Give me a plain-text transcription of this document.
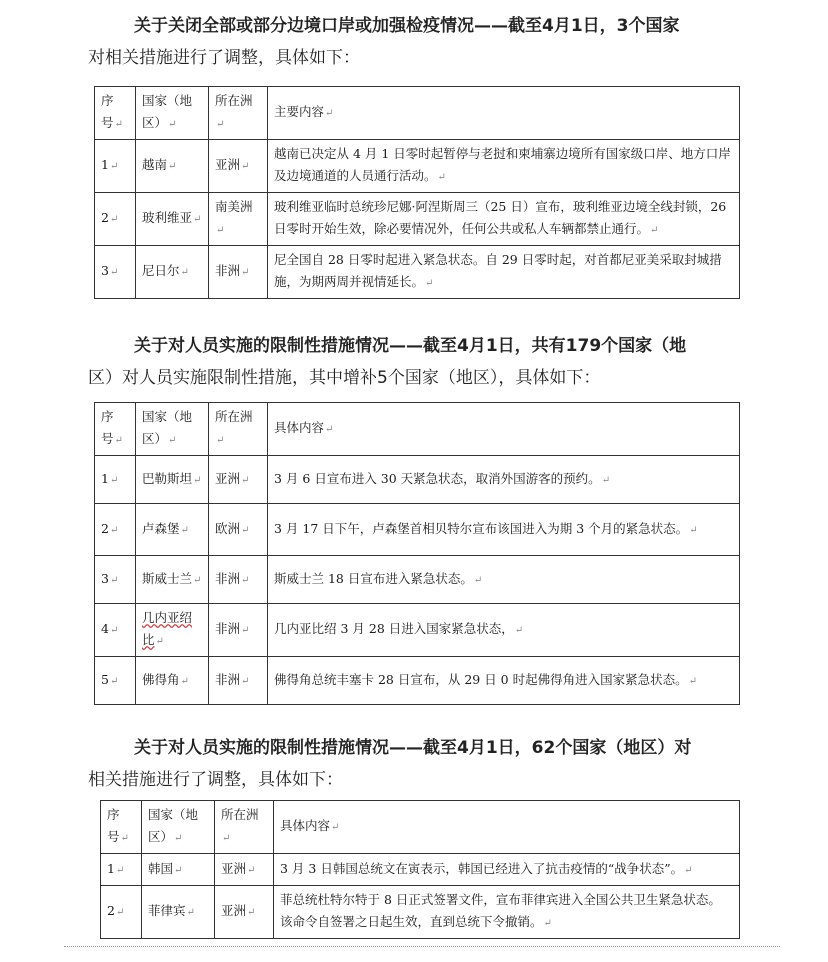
关于关闭全部或部分边境口岸或加强检疫情况——截至4月1日，3个国家
对相关措施进行了调整，具体如下：
序
号↵	国家（地
区）↵	所在洲↵	主要内容↵
1↵	越南↵	亚洲↵	越南已决定从 4 月 1 日零时起暂停与老挝和柬埔寨边境所有国家级口岸、地方口岸及边境通道的人员通行活动。↵
2↵	玻利维亚↵	南美洲↵	玻利维亚临时总统珍尼娜·阿涅斯周三（25 日）宣布，玻利维亚边境全线封锁，26 日零时开始生效，除必要情况外，任何公共或私人车辆都禁止通行。↵
3↵	尼日尔↵	非洲↵	尼全国自 28 日零时起进入紧急状态。自 29 日零时起，对首都尼亚美采取封城措施，为期两周并视情延长。↵
关于对人员实施的限制性措施情况——截至4月1日，共有179个国家（地
区）对人员实施限制性措施，其中增补5个国家（地区），具体如下：
序
号↵	国家（地
区）↵	所在洲↵	具体内容↵
1↵	巴勒斯坦↵	亚洲↵	3 月 6 日宣布进入 30 天紧急状态，取消外国游客的预约。↵
2↵	卢森堡↵	欧洲↵	3 月 17 日下午，卢森堡首相贝特尔宣布该国进入为期 3 个月的紧急状态。↵
3↵	斯威士兰↵	非洲↵	斯威士兰 18 日宣布进入紧急状态。↵
4↵	几内亚绍比↵	非洲↵	几内亚比绍 3 月 28 日进入国家紧急状态，↵
5↵	佛得角↵	非洲↵	佛得角总统丰塞卡 28 日宣布，从 29 日 0 时起佛得角进入国家紧急状态。↵
关于对人员实施的限制性措施情况——截至4月1日，62个国家（地区）对
相关措施进行了调整，具体如下：
序
号↵	国家（地
区）↵	所在洲↵	具体内容↵
1↵	韩国↵	亚洲↵	3 月 3 日韩国总统文在寅表示，韩国已经进入了抗击疫情的“战争状态”。↵
2↵	菲律宾↵	亚洲↵	菲总统杜特尔特于 8 日正式签署文件，宣布菲律宾进入全国公共卫生紧急状态。该命令自签署之日起生效，直到总统下令撤销。↵
